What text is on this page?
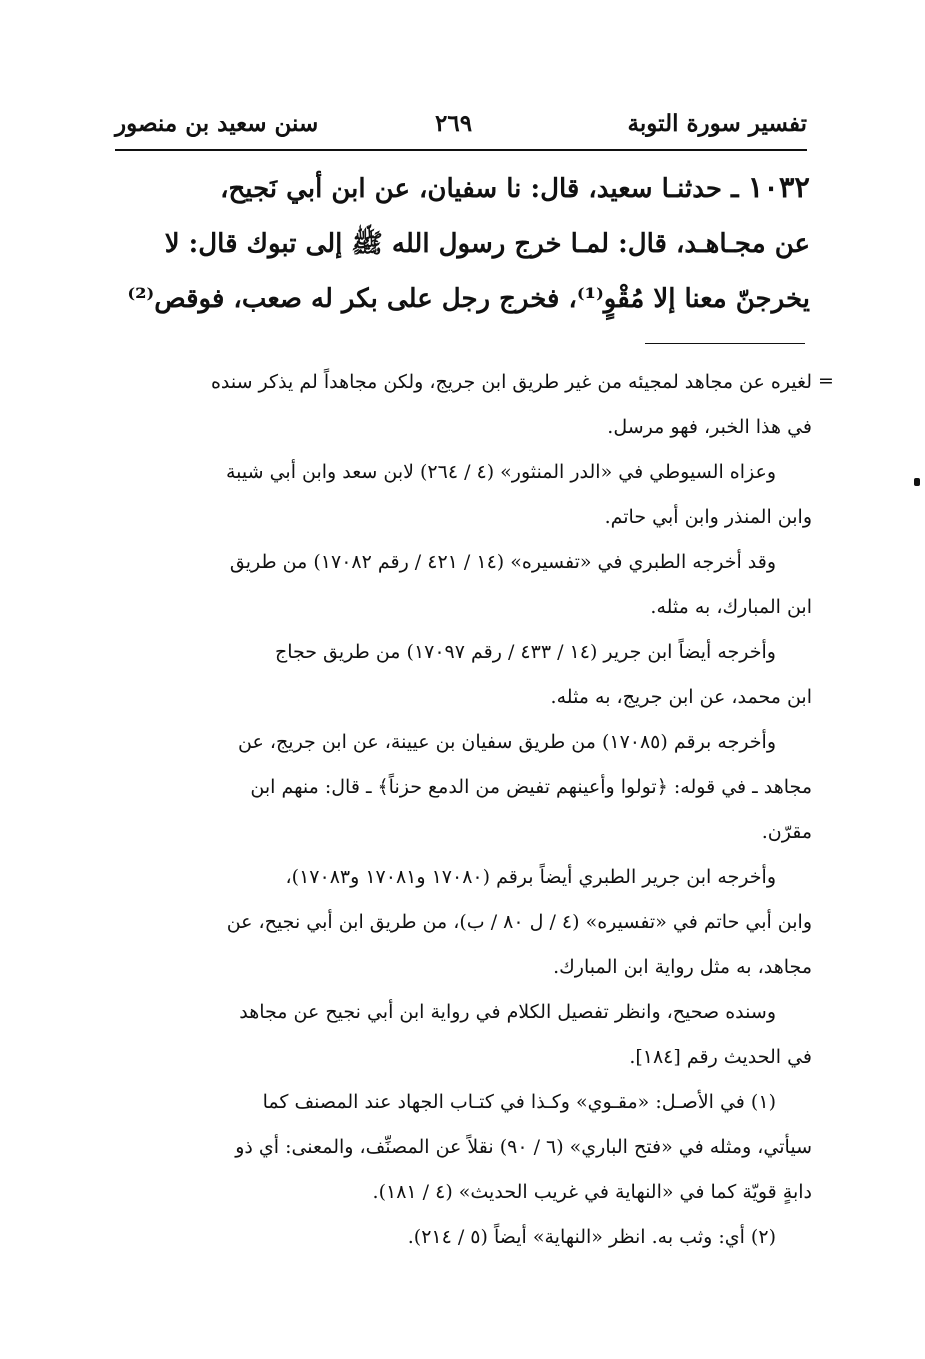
تفسير سورة التوبة
٢٦٩
سنن سعيد بن منصور
١٠٣٢ ـ حدثنـا سعيد، قال: نا سفيان، عن ابن أبي نَجيح،
عن مجـاهـد، قال: لمـا خرج رسول الله ﷺ إلى تبوك قال: لا
يخرجنّ معنا إلا مُقْوٍ⁽¹⁾، فخرج رجل على بكر له صعب، فوقص⁽²⁾
=
لغيره عن مجاهد لمجيئه من غير طريق ابن جريج، ولكن مجاهداً لم يذكر سنده
في هذا الخبر، فهو مرسل.
وعزاه السيوطي في «الدر المنثور» (٤ / ٢٦٤) لابن سعد وابن أبي شيبة
وابن المنذر وابن أبي حاتم.
وقد أخرجه الطبري في «تفسيره» (١٤ / ٤٢١ / رقم ١٧٠٨٢) من طريق
ابن المبارك، به مثله.
وأخرجه أيضاً ابن جرير (١٤ / ٤٣٣ / رقم ١٧٠٩٧) من طريق حجاج
ابن محمد، عن ابن جريج، به مثله.
وأخرجه برقم (١٧٠٨٥) من طريق سفيان بن عيينة، عن ابن جريج، عن
مجاهد ـ في قوله: ﴿تولوا وأعينهم تفيض من الدمع حزناً﴾ ـ قال: منهم ابن
مقرّن.
وأخرجه ابن جرير الطبري أيضاً برقم (١٧٠٨٠ و١٧٠٨١ و١٧٠٨٣)،
وابن أبي حاتم في «تفسيره» (٤ / ل ٨٠ / ب)، من طريق ابن أبي نجيح، عن
مجاهد، به مثل رواية ابن المبارك.
وسنده صحيح، وانظر تفصيل الكلام في رواية ابن أبي نجيح عن مجاهد
في الحديث رقم [١٨٤].
(١) في الأصـل: «مقـوي» وكـذا في كتـاب الجهاد عند المصنف كما
سيأتي، ومثله في «فتح الباري» (٦ / ٩٠) نقلاً عن المصنِّف، والمعنى: أي ذو
دابةٍ قويّة كما في «النهاية في غريب الحديث» (٤ / ١٨١).
(٢) أي: وثب به. انظر «النهاية» أيضاً (٥ / ٢١٤).
